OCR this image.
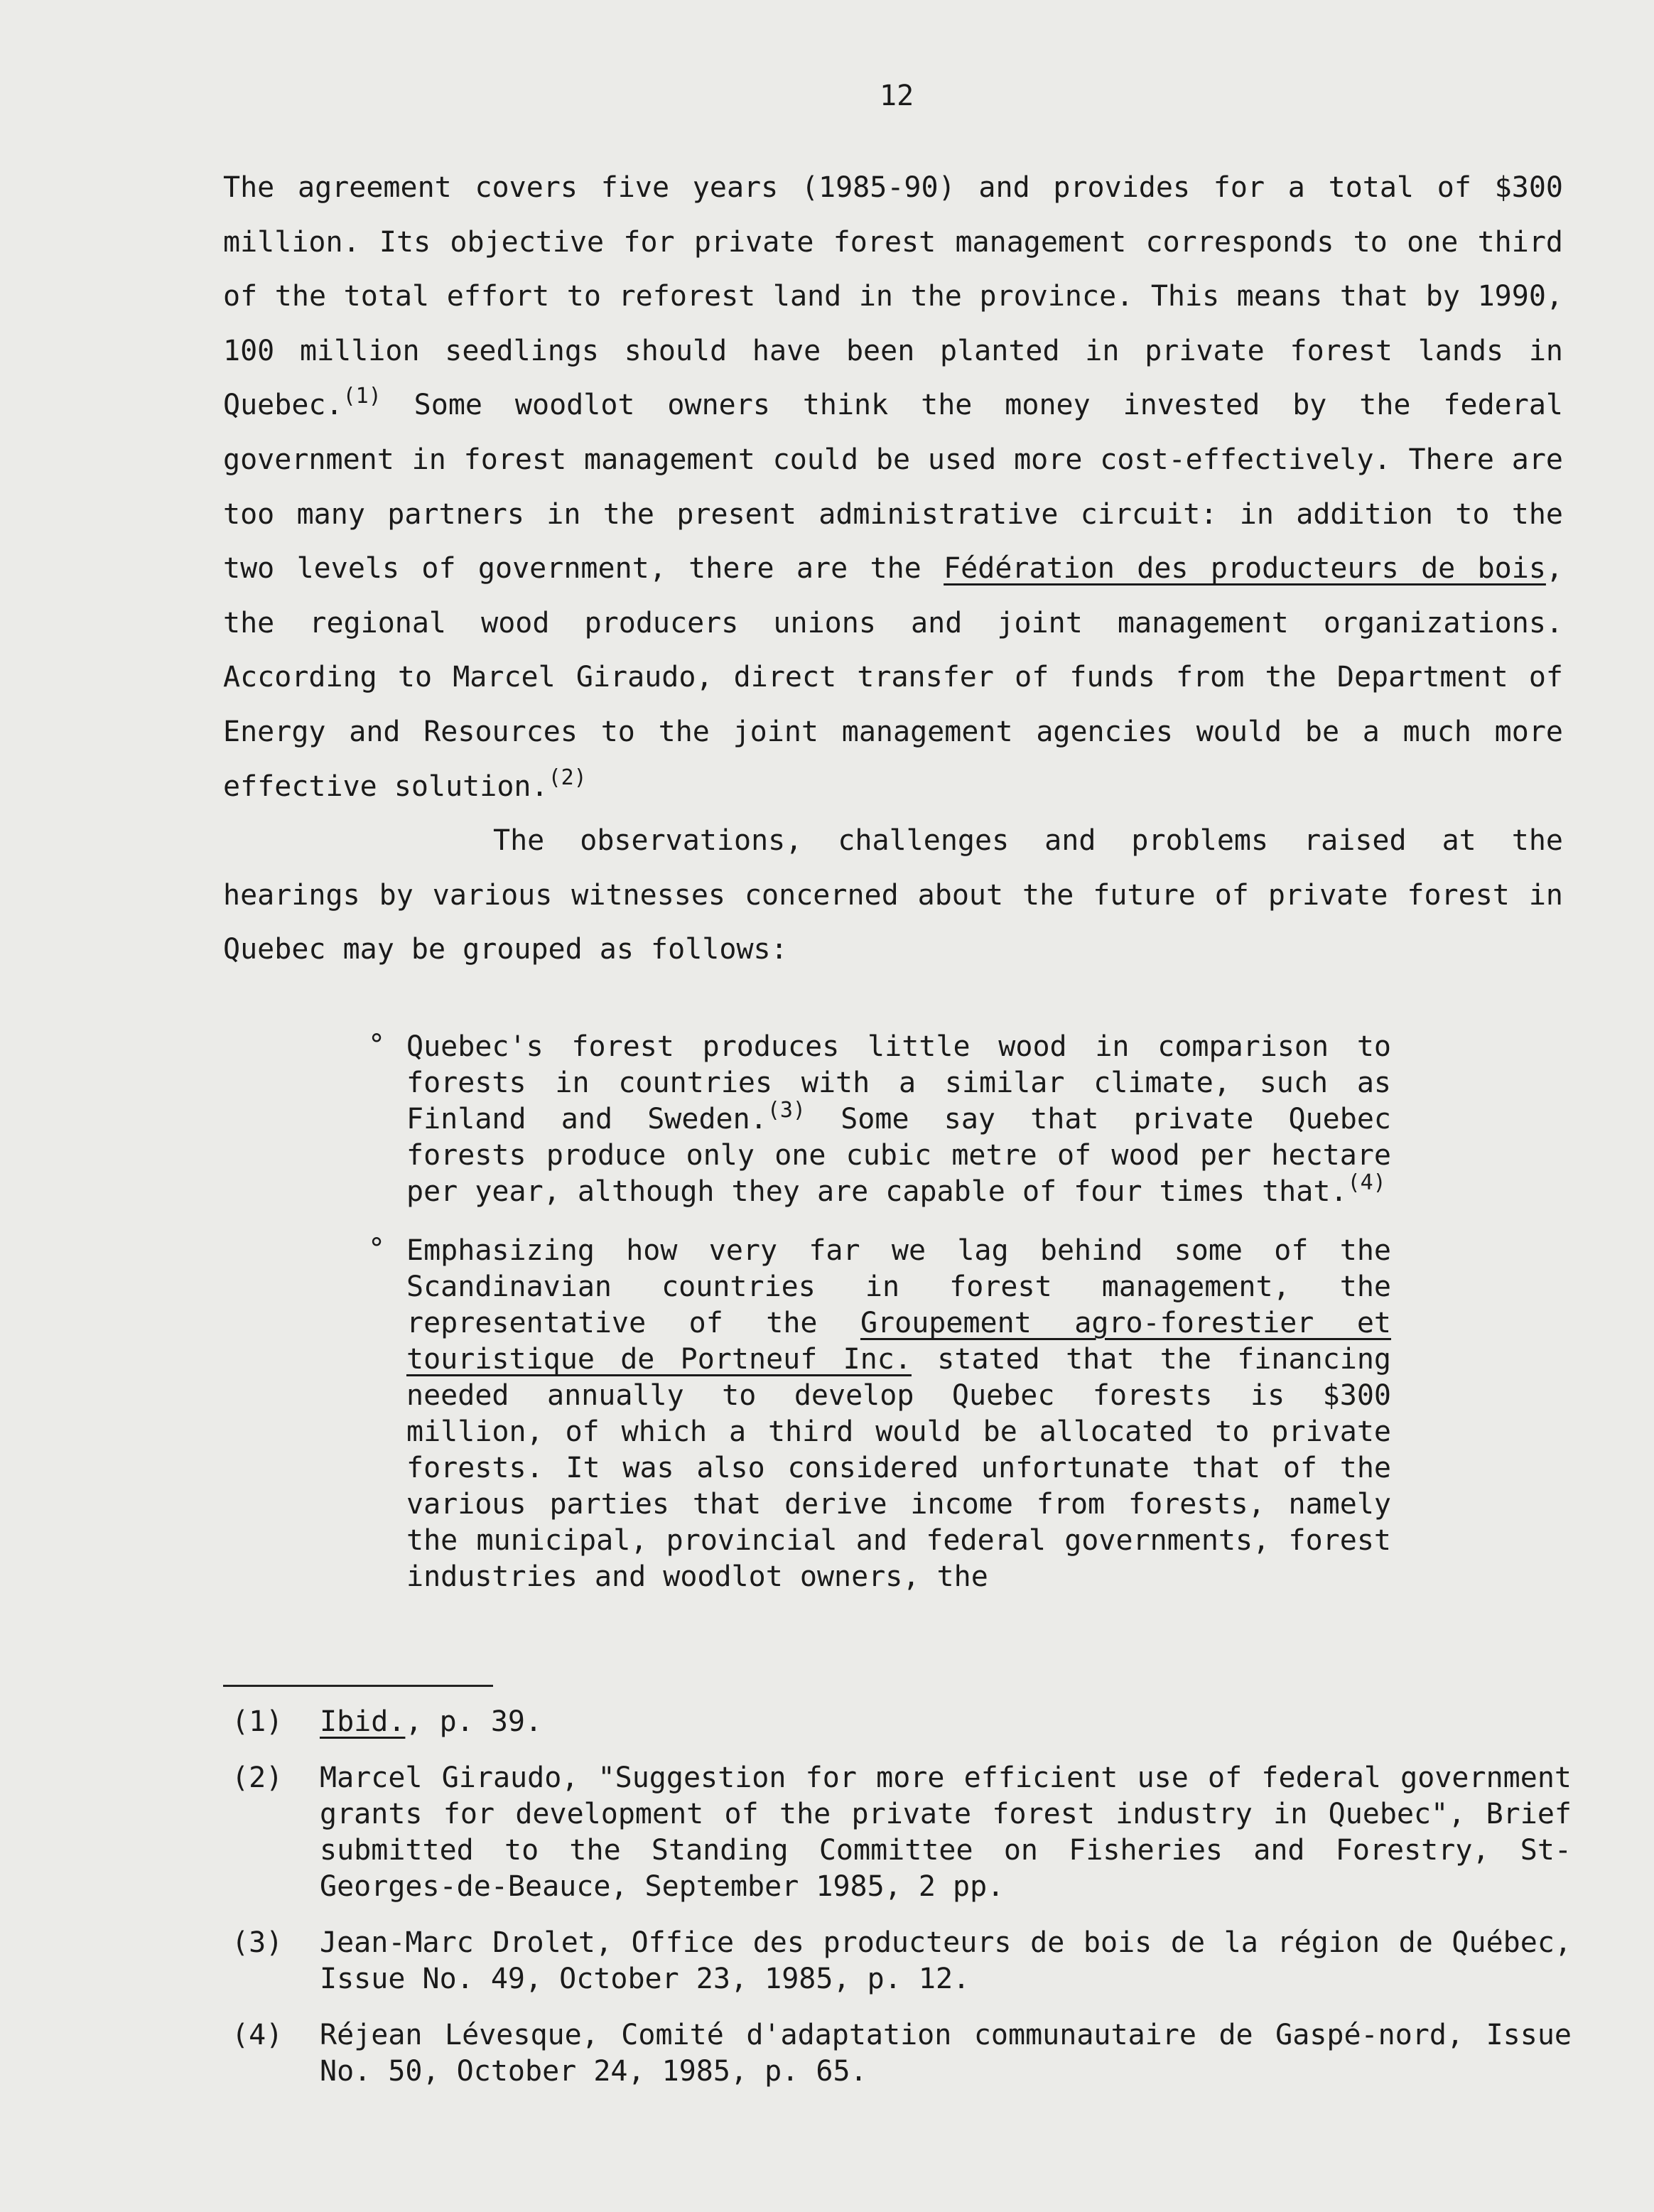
12

The agreement covers five years (1985-90) and provides for a total of $300 million. Its objective for private forest management corresponds to one third of the total effort to reforest land in the province. This means that by 1990, 100 million seedlings should have been planted in private forest lands in Quebec.$^{(1)}$ Some woodlot owners think the money invested by the federal government in forest management could be used more cost-effectively. There are too many partners in the present administrative circuit: in addition to the two levels of government, there are the Fédération des producteurs de bois, the regional wood producers unions and joint management organizations. According to Marcel Giraudo, direct transfer of funds from the Department of Energy and Resources to the joint management agencies would be a much more effective solution.$^{(2)}$

The observations, challenges and problems raised at the hearings by various witnesses concerned about the future of private forest in Quebec may be grouped as follows:

° Quebec's forest produces little wood in comparison to forests in countries with a similar climate, such as Finland and Sweden.$^{(3)}$ Some say that private Quebec forests produce only one cubic metre of wood per hectare per year, although they are capable of four times that.$^{(4)}$
° Emphasizing how very far we lag behind some of the Scandinavian countries in forest management, the representative of the Groupement agro-forestier et touristique de Portneuf Inc. stated that the financing needed annually to develop Quebec forests is $300 million, of which a third would be allocated to private forests. It was also considered unfortunate that of the various parties that derive income from forests, namely the municipal, provincial and federal governments, forest industries and woodlot owners, the
(1) Ibid., p. 39.
(2) Marcel Giraudo, "Suggestion for more efficient use of federal government grants for development of the private forest industry in Quebec", Brief submitted to the Standing Committee on Fisheries and Forestry, St-Georges-de-Beauce, September 1985, 2 pp.
(3) Jean-Marc Drolet, Office des producteurs de bois de la région de Québec, Issue No. 49, October 23, 1985, p. 12.
(4) Réjean Lévesque, Comité d'adaptation communautaire de Gaspé-nord, Issue No. 50, October 24, 1985, p. 65.
